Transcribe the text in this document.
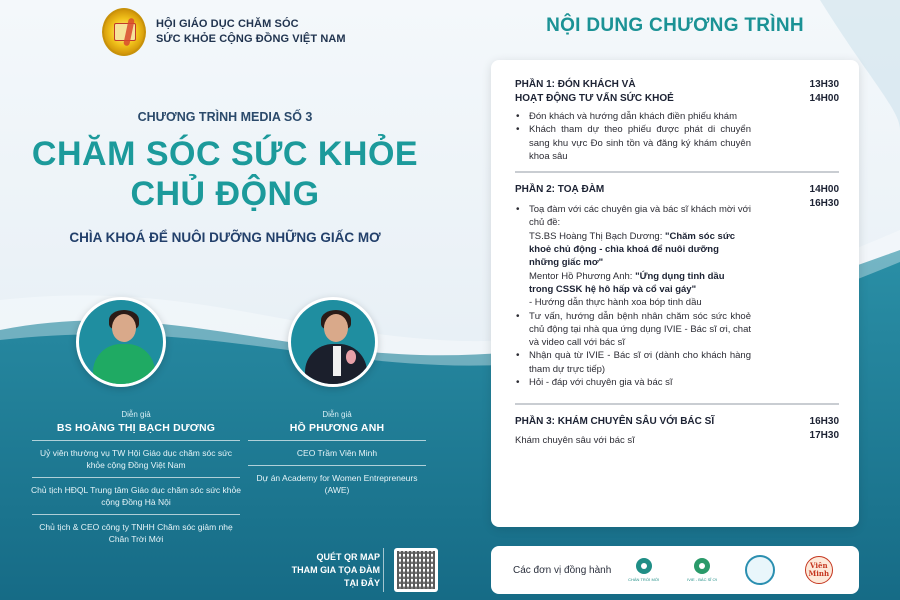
HỘI GIÁO DỤC CHĂM SÓC
SỨC KHỎE CỘNG ĐỒNG VIỆT NAM
CHƯƠNG TRÌNH MEDIA SỐ 3
CHĂM SÓC SỨC KHỎE
CHỦ ĐỘNG
CHÌA KHOÁ ĐỂ NUÔI DƯỠNG NHỮNG GIẤC MƠ
Diễn giả
BS HOÀNG THỊ BẠCH DƯƠNG
Uỷ viên thường vụ TW Hội Giáo dục chăm sóc sức khỏe cộng Đồng Việt Nam
Chủ tịch HĐQL Trung tâm Giáo dục chăm sóc sức khỏe cộng Đồng Hà Nội
Chủ tịch & CEO công ty TNHH Chăm sóc giảm nhẹ Chân Trời Mới
Diễn giả
HỒ PHƯƠNG ANH
CEO Trầm Viên Minh
Dự án Academy for Women Entrepreneurs (AWE)
QUÉT QR MAP
THAM GIA TỌA ĐÀM
TẠI ĐÂY
NỘI DUNG CHƯƠNG TRÌNH
PHẦN 1: ĐÓN KHÁCH VÀ
HOẠT ĐỘNG TƯ VẤN SỨC KHOẺ
13H30
14H00
• Đón khách và hướng dẫn khách điền phiếu khám
• Khách tham dự theo phiếu được phát di chuyển sang khu vực Đo sinh tồn và đăng ký khám chuyên khoa sâu
PHẦN 2: TOẠ ĐÀM	14H00
16H30
• Toạ đàm với các chuyên gia và bác sĩ khách mời với chủ đề:
TS.BS Hoàng Thị Bạch Dương: "Chăm sóc sức khoẻ chủ động - chìa khoá để nuôi dưỡng những giấc mơ"
Mentor Hồ Phương Anh: "Ứng dụng tinh dầu trong CSSK hệ hô hấp và cổ vai gáy"
- Hướng dẫn thực hành xoa bóp tinh dầu
• Tư vấn, hướng dẫn bệnh nhân chăm sóc sức khoẻ chủ động tại nhà qua ứng dụng IVIE - Bác sĩ ơi, chat và video call với bác sĩ
• Nhận quà từ IVIE - Bác sĩ ơi (dành cho khách hàng tham dự trực tiếp)
• Hỏi - đáp với chuyên gia và bác sĩ
PHẦN 3: KHÁM CHUYÊN SÂU VỚI BÁC SĨ
Khám chuyên sâu với bác sĩ
16H30
17H30
Các đơn vị đồng hành
CHÂN TRỜI MỚI	IVIE - BÁC SĨ ƠI
Viên Minh
